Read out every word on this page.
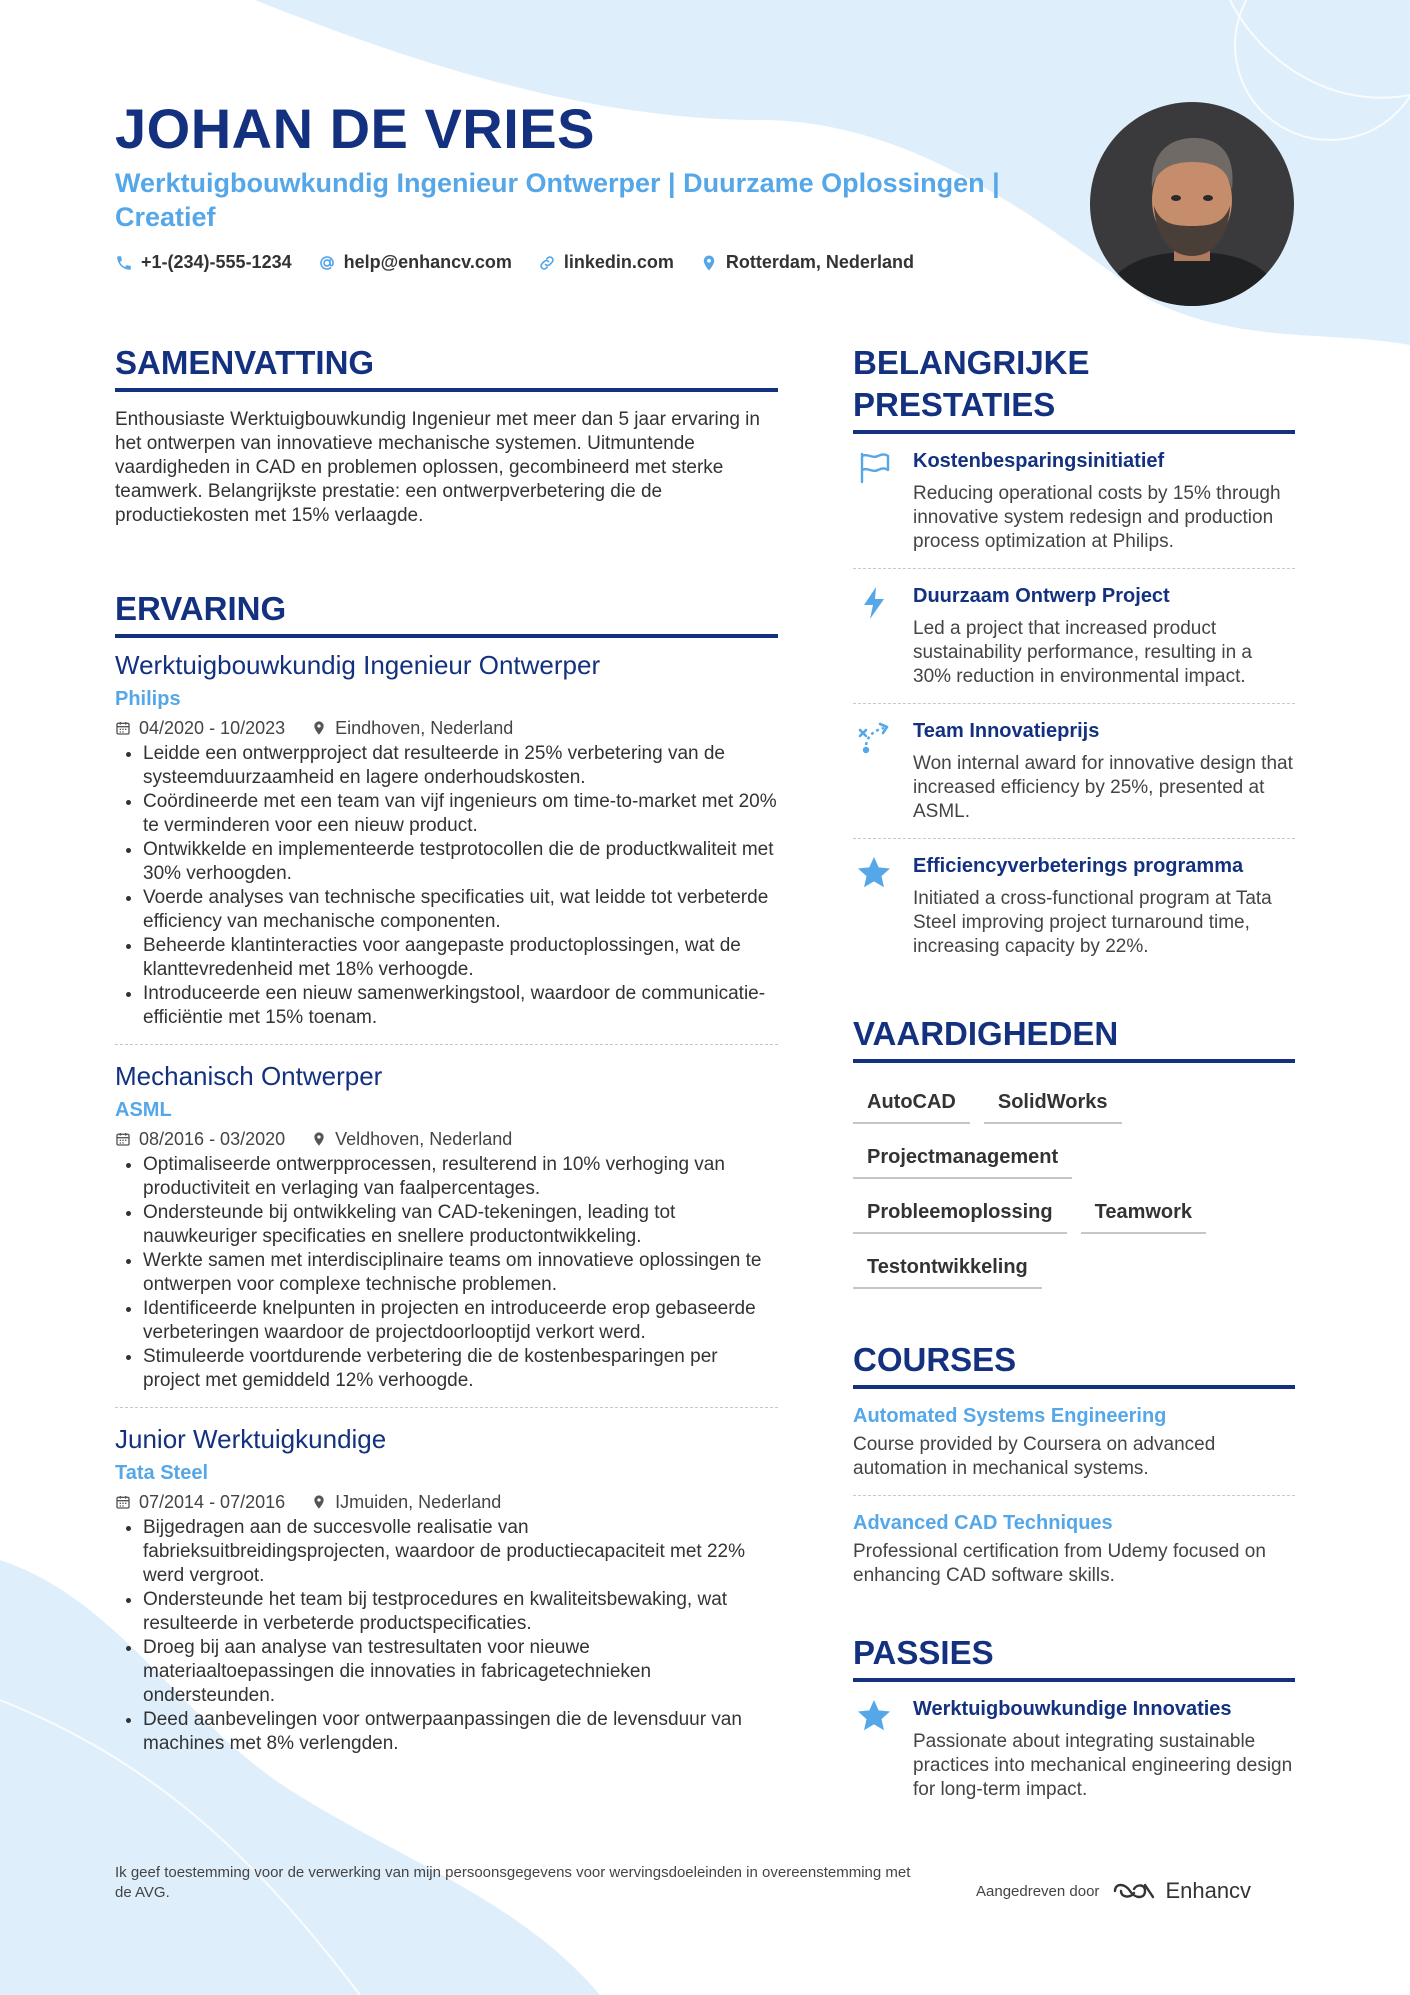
JOHAN DE VRIES

Werktuigbouwkundig Ingenieur Ontwerper | Duurzame Oplossingen | Creatief

+1-(234)-555-1234	help@enhancv.com	linkedin.com	Rotterdam, Nederland
SAMENVATTING

Enthousiaste Werktuigbouwkundig Ingenieur met meer dan 5 jaar ervaring in het ontwerpen van innovatieve mechanische systemen. Uitmuntende vaardigheden in CAD en problemen oplossen, gecombineerd met sterke teamwerk. Belangrijkste prestatie: een ontwerpverbetering die de productiekosten met 15% verlaagde.

ERVARING
Werktuigbouwkundig Ingenieur Ontwerper
Philips
04/2020 - 10/2023	Eindhoven, Nederland
• Leidde een ontwerpproject dat resulteerde in 25% verbetering van de systeemduurzaamheid en lagere onderhoudskosten.
• Coördineerde met een team van vijf ingenieurs om time-to-market met 20% te verminderen voor een nieuw product.
• Ontwikkelde en implementeerde testprotocollen die de productkwaliteit met 30% verhoogden.
• Voerde analyses van technische specificaties uit, wat leidde tot verbeterde efficiency van mechanische componenten.
• Beheerde klantinteracties voor aangepaste productoplossingen, wat de klanttevredenheid met 18% verhoogde.
• Introduceerde een nieuw samenwerkingstool, waardoor de communicatie-efficiëntie met 15% toenam.
Mechanisch Ontwerper
ASML
08/2016 - 03/2020	Veldhoven, Nederland
• Optimaliseerde ontwerpprocessen, resulterend in 10% verhoging van productiviteit en verlaging van faalpercentages.
• Ondersteunde bij ontwikkeling van CAD-tekeningen, leading tot nauwkeuriger specificaties en snellere productontwikkeling.
• Werkte samen met interdisciplinaire teams om innovatieve oplossingen te ontwerpen voor complexe technische problemen.
• Identificeerde knelpunten in projecten en introduceerde erop gebaseerde verbeteringen waardoor de projectdoorlooptijd verkort werd.
• Stimuleerde voortdurende verbetering die de kostenbesparingen per project met gemiddeld 12% verhoogde.
Junior Werktuigkundige
Tata Steel
07/2014 - 07/2016	IJmuiden, Nederland
• Bijgedragen aan de succesvolle realisatie van fabrieksuitbreidingsprojecten, waardoor de productiecapaciteit met 22% werd vergroot.
• Ondersteunde het team bij testprocedures en kwaliteitsbewaking, wat resulteerde in verbeterde productspecificaties.
• Droeg bij aan analyse van testresultaten voor nieuwe materiaaltoepassingen die innovaties in fabricagetechnieken ondersteunden.
• Deed aanbevelingen voor ontwerpaanpassingen die de levensduur van machines met 8% verlengden.
BELANGRIJKE PRESTATIES
Kostenbesparingsinitiatief
Reducing operational costs by 15% through innovative system redesign and production process optimization at Philips.
Duurzaam Ontwerp Project
Led a project that increased product sustainability performance, resulting in a 30% reduction in environmental impact.
Team Innovatieprijs
Won internal award for innovative design that increased efficiency by 25%, presented at ASML.
Efficiencyverbeterings programma
Initiated a cross-functional program at Tata Steel improving project turnaround time, increasing capacity by 22%.
VAARDIGHEDEN
AutoCAD	SolidWorks
Projectmanagement
Probleemoplossing	Teamwork
Testontwikkeling
COURSES
Automated Systems Engineering
Course provided by Coursera on advanced automation in mechanical systems.
Advanced CAD Techniques
Professional certification from Udemy focused on enhancing CAD software skills.
PASSIES
Werktuigbouwkundige Innovaties
Passionate about integrating sustainable practices into mechanical engineering design for long-term impact.
Ik geef toestemming voor de verwerking van mijn persoonsgegevens voor wervingsdoeleinden in overeenstemming met de AVG.	Aangedreven door	Enhancv
